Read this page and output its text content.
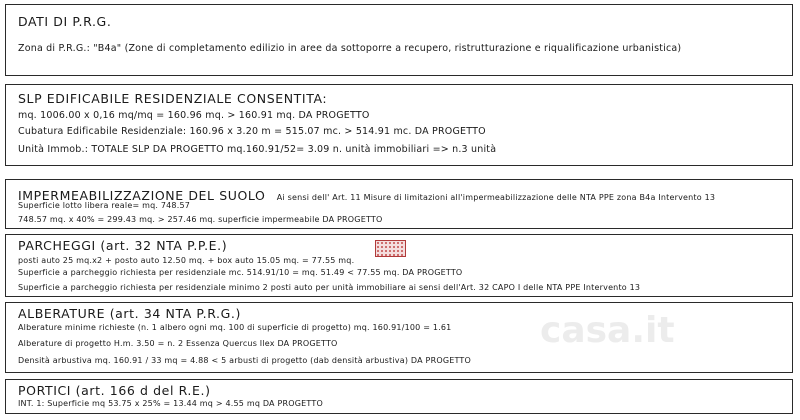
casa.it
DATI DI P.R.G.
Zona di P.R.G.: "B4a" (Zone di completamento edilizio in aree da sottoporre a recupero, ristrutturazione e riqualificazione urbanistica)
SLP EDIFICABILE RESIDENZIALE CONSENTITA:
mq. 1006.00 x 0,16 mq/mq = 160.96 mq. > 160.91 mq. DA PROGETTO
Cubatura Edificabile Residenziale: 160.96 x 3.20 m = 515.07 mc. > 514.91 mc. DA PROGETTO
Unità Immob.: TOTALE SLP DA PROGETTO mq.160.91/52= 3.09 n. unità immobiliari => n.3 unità
IMPERMEABILIZZAZIONE DEL SUOLO Ai sensi dell' Art. 11 Misure di limitazioni all'impermeabilizzazione delle NTA PPE zona B4a Intervento 13
Superficie lotto libera reale= mq. 748.57
748.57 mq. x 40% = 299.43 mq. > 257.46 mq. superficie impermeabile DA PROGETTO
PARCHEGGI (art. 32 NTA P.P.E.)
posti auto 25 mq.x2 + posto auto 12.50 mq. + box auto 15.05 mq. = 77.55 mq.
Superficie a parcheggio richiesta per residenziale mc. 514.91/10 = mq. 51.49 < 77.55 mq. DA PROGETTO
Superficie a parcheggio richiesta per residenziale minimo 2 posti auto per unità immobiliare ai sensi dell'Art. 32 CAPO I delle NTA PPE Intervento 13
ALBERATURE (art. 34 NTA P.R.G.)
Alberature minime richieste (n. 1 albero ogni mq. 100 di superficie di progetto) mq. 160.91/100 = 1.61
Alberature di progetto H.m. 3.50 = n. 2 Essenza Quercus Ilex DA PROGETTO
Densità arbustiva mq. 160.91 / 33 mq = 4.88 < 5 arbusti di progetto (dab densità arbustiva) DA PROGETTO
PORTICI (art. 166 d del R.E.)
INT. 1: Superficie mq 53.75 x 25% = 13.44 mq > 4.55 mq DA PROGETTO
